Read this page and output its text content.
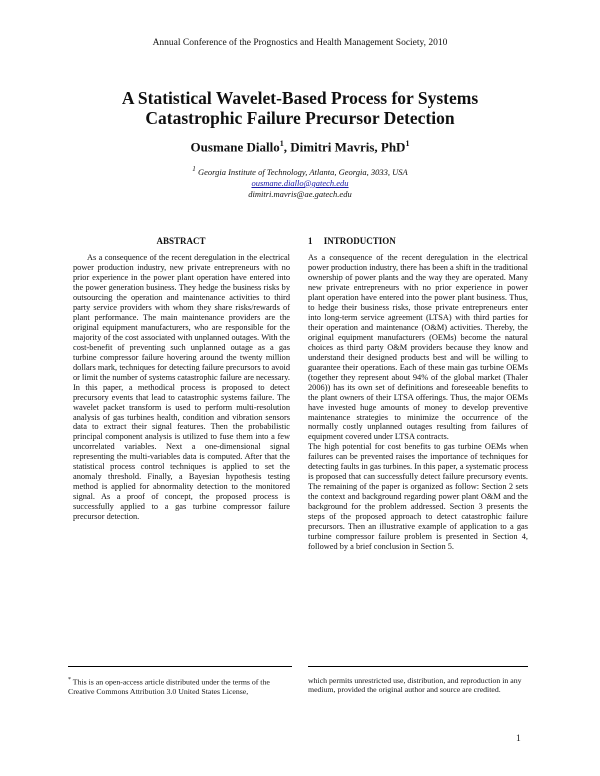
Annual Conference of the Prognostics and Health Management Society, 2010
A Statistical Wavelet-Based Process for Systems
Catastrophic Failure Precursor Detection
Ousmane Diallo$^1$, Dimitri Mavris, PhD$^1$
$^1$ Georgia Institute of Technology, Atlanta, Georgia, 3033, USA
ousmane.diallo@gatech.edu
dimitri.mavris@ae.gatech.edu
ABSTRACT	1 INTRODUCTION

As a consequence of the recent deregulation in the electrical power production industry, new private entrepreneurs with no prior experience in the power plant operation have entered into the power generation business. They hedge the business risks by outsourcing the operation and maintenance activities to third party service providers with whom they share risks/rewards of plant performance. The main maintenance providers are the original equipment manufacturers, who are responsible for the majority of the cost associated with unplanned outages. With the cost-benefit of preventing such unplanned outage as a gas turbine compressor failure hovering around the twenty million dollars mark, techniques for detecting failure precursors to avoid or limit the number of systems catastrophic failure are necessary. In this paper, a methodical process is proposed to detect precursory events that lead to catastrophic systems failure. The wavelet packet transform is used to perform multi-resolution analysis of gas turbines health, condition and vibration sensors data to extract their signal features. Then the probabilistic principal component analysis is utilized to fuse them into a few uncorrelated variables. Next a one-dimensional signal representing the multi-variables data is computed. After that the statistical process control techniques is applied to set the anomaly threshold. Finally, a Bayesian hypothesis testing method is applied for abnormality detection to the monitored signal. As a proof of concept, the proposed process is successfully applied to a gas turbine compressor failure precursor detection.

As a consequence of the recent deregulation in the electrical power production industry, there has been a shift in the traditional ownership of power plants and the way they are operated. Many new private entrepreneurs with no prior experience in power plant operation have entered into the power plant business. Thus, to hedge their business risks, those private entrepreneurs enter into long-term service agreement (LTSA) with third parties for their operation and maintenance (O&M) activities. Thereby, the original equipment manufacturers (OEMs) become the natural choices as third party O&M providers because they know and understand their designed products best and will be willing to guarantee their operations. Each of these main gas turbine OEMs (together they represent about 94% of the global market (Thaler 2006)) has its own set of definitions and foreseeable benefits to the plant owners of their LTSA offerings. Thus, the major OEMs have invested huge amounts of money to develop preventive maintenance strategies to minimize the occurrence of the normally costly unplanned outages resulting from failures of equipment covered under LTSA contracts.

The high potential for cost benefits to gas turbine OEMs when failures can be prevented raises the importance of techniques for detecting faults in gas turbines. In this paper, a systematic process is proposed that can successfully detect failure precursory events. The remaining of the paper is organized as follow: Section 2 sets the context and background regarding power plant O&M and the background for the problem addressed. Section 3 presents the steps of the proposed approach to detect catastrophic failure precursors. Then an illustrative example of application to a gas turbine compressor failure problem is presented in Section 4, followed by a brief conclusion in Section 5.

* This is an open-access article distributed under the terms of the Creative Commons Attribution 3.0 United States License,
which permits unrestricted use, distribution, and reproduction in any medium, provided the original author and source are credited.
1
